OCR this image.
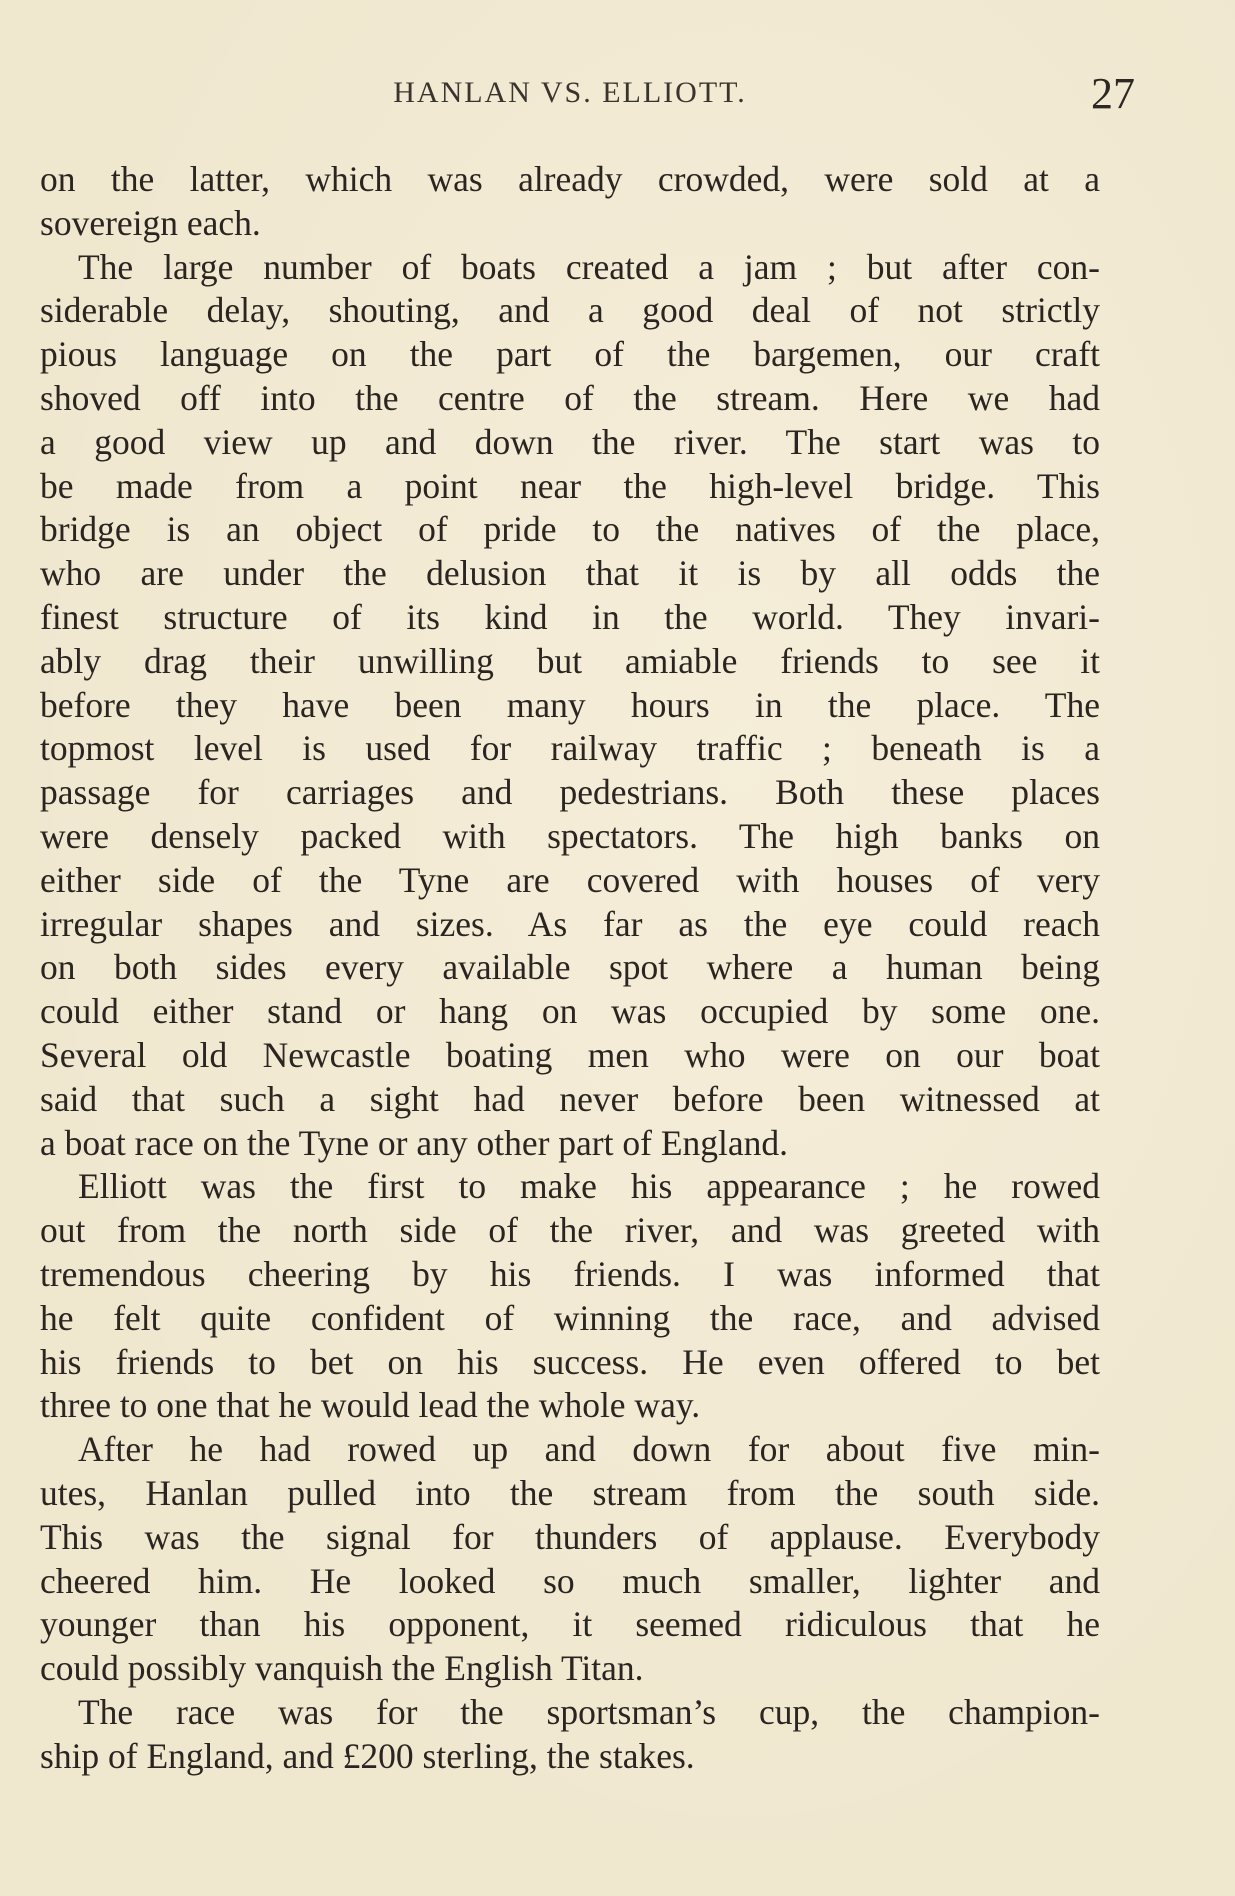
HANLAN VS. ELLIOTT.	27
on the latter, which was already crowded, were sold at a
sovereign each.
The large number of boats created a jam ; but after con-
siderable delay, shouting, and a good deal of not strictly
pious language on the part of the bargemen, our craft
shoved off into the centre of the stream. Here we had
a good view up and down the river. The start was to
be made from a point near the high-level bridge. This
bridge is an object of pride to the natives of the place,
who are under the delusion that it is by all odds the
finest structure of its kind in the world. They invari-
ably drag their unwilling but amiable friends to see it
before they have been many hours in the place. The
topmost level is used for railway traffic ; beneath is a
passage for carriages and pedestrians. Both these places
were densely packed with spectators. The high banks on
either side of the Tyne are covered with houses of very
irregular shapes and sizes. As far as the eye could reach
on both sides every available spot where a human being
could either stand or hang on was occupied by some one.
Several old Newcastle boating men who were on our boat
said that such a sight had never before been witnessed at
a boat race on the Tyne or any other part of England.
Elliott was the first to make his appearance ; he rowed
out from the north side of the river, and was greeted with
tremendous cheering by his friends. I was informed that
he felt quite confident of winning the race, and advised
his friends to bet on his success. He even offered to bet
three to one that he would lead the whole way.
After he had rowed up and down for about five min-
utes, Hanlan pulled into the stream from the south side.
This was the signal for thunders of applause. Everybody
cheered him. He looked so much smaller, lighter and
younger than his opponent, it seemed ridiculous that he
could possibly vanquish the English Titan.
The race was for the sportsman’s cup, the champion-
ship of England, and £200 sterling, the stakes.
